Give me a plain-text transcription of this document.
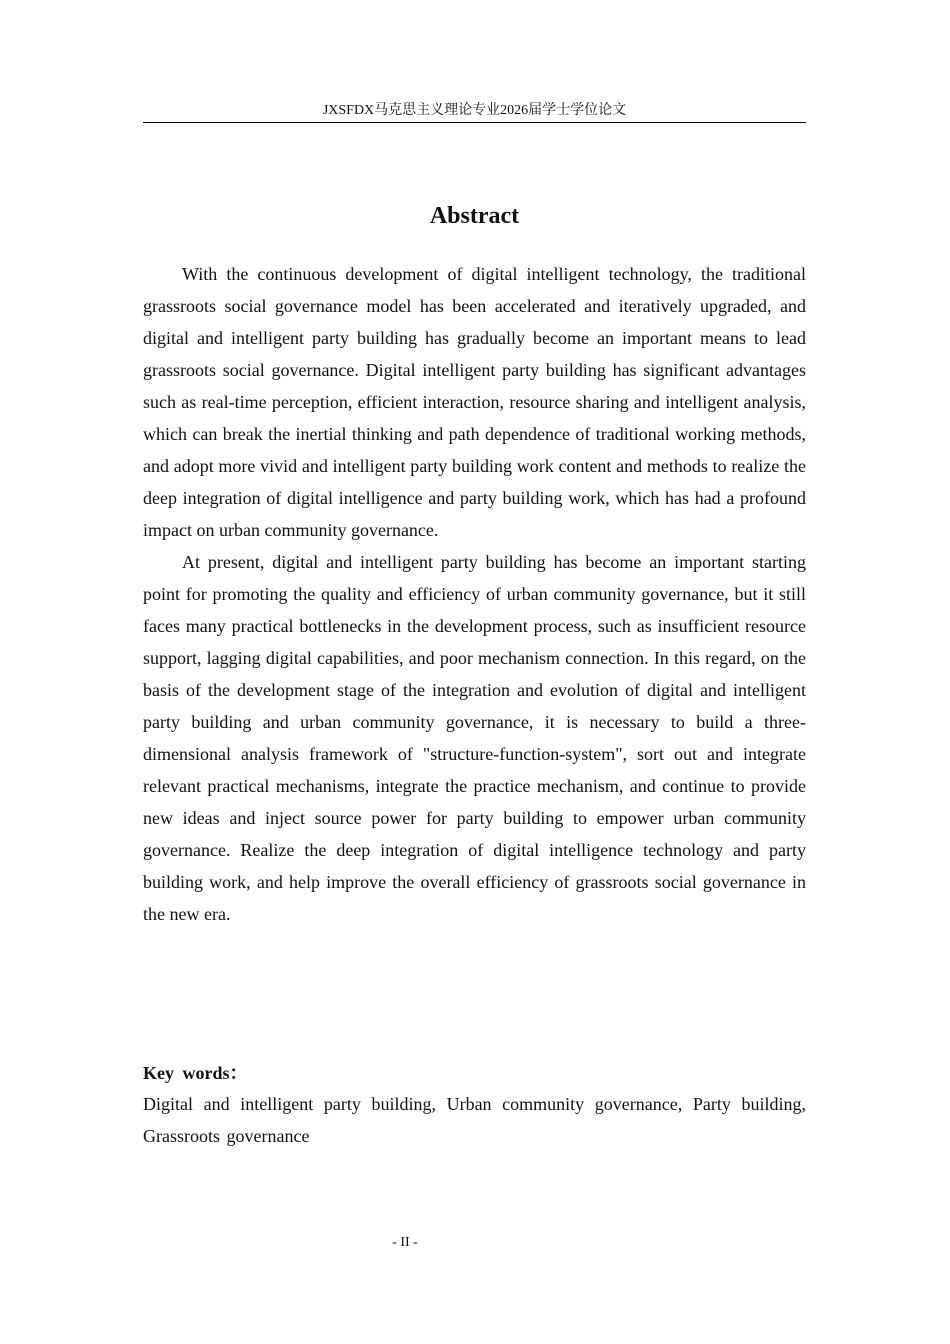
JXSFDX马克思主义理论专业2026届学士学位论文
Abstract

With the continuous development of digital intelligent technology, the traditional grassroots social governance model has been accelerated and iteratively upgraded, and digital and intelligent party building has gradually become an important means to lead grassroots social governance. Digital intelligent party building has significant advantages such as real-time perception, efficient interaction, resource sharing and intelligent analysis, which can break the inertial thinking and path dependence of traditional working methods, and adopt more vivid and intelligent party building work content and methods to realize the deep integration of digital intelligence and party building work, which has had a profound impact on urban community governance.

At present, digital and intelligent party building has become an important starting point for promoting the quality and efficiency of urban community governance, but it still faces many practical bottlenecks in the development process, such as insufficient resource support, lagging digital capabilities, and poor mechanism connection. In this regard, on the basis of the development stage of the integration and evolution of digital and intelligent party building and urban community governance, it is necessary to build a three-dimensional analysis framework of "structure-function-system", sort out and integrate relevant practical mechanisms, integrate the practice mechanism, and continue to provide new ideas and inject source power for party building to empower urban community governance. Realize the deep integration of digital intelligence technology and party building work, and help improve the overall efficiency of grassroots social governance in the new era.

Key words：

Digital and intelligent party building, Urban community governance, Party building, Grassroots governance

- II -
